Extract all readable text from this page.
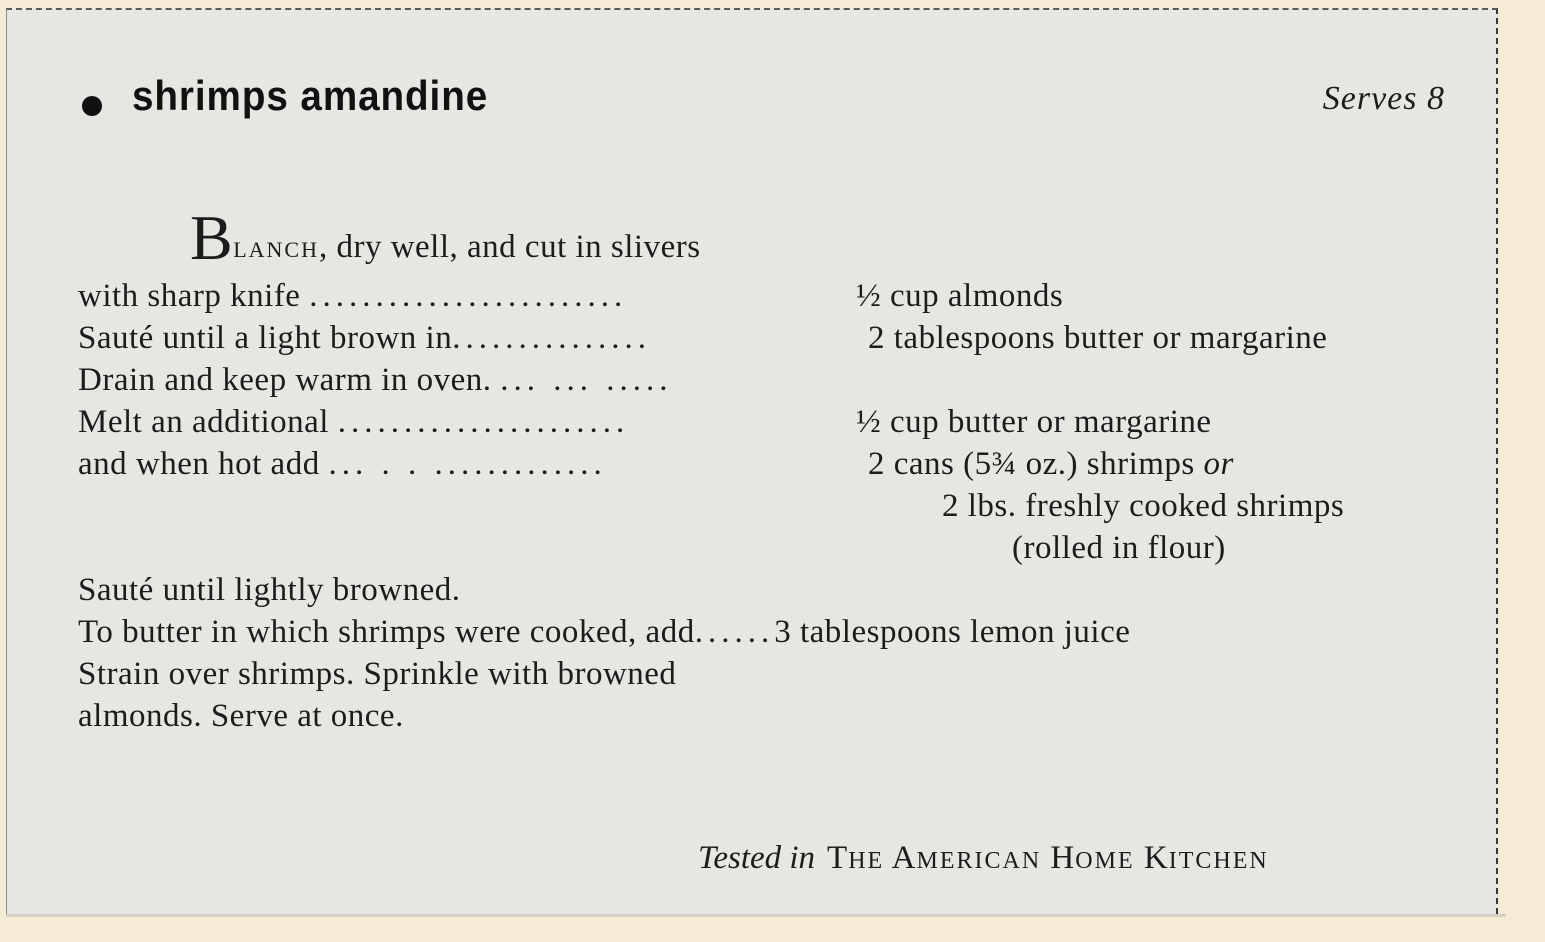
shrimps amandine	Serves 8
BLANCH, dry well, and cut in slivers
with sharp knife ........................	½ cup almonds
Sauté until a light brown in...............	2 tablespoons butter or margarine
Drain and keep warm in oven. ... ... .....
Melt an additional ......................	½ cup butter or margarine
and when hot add ... . . .............	2 cans (5¾ oz.) shrimps or
2 lbs. freshly cooked shrimps
(rolled in flour)
Sauté until lightly browned.
To butter in which shrimps were cooked, add......3 tablespoons lemon juice
Strain over shrimps. Sprinkle with browned
almonds. Serve at once.
Tested in THE AMERICAN HOME KITCHEN
